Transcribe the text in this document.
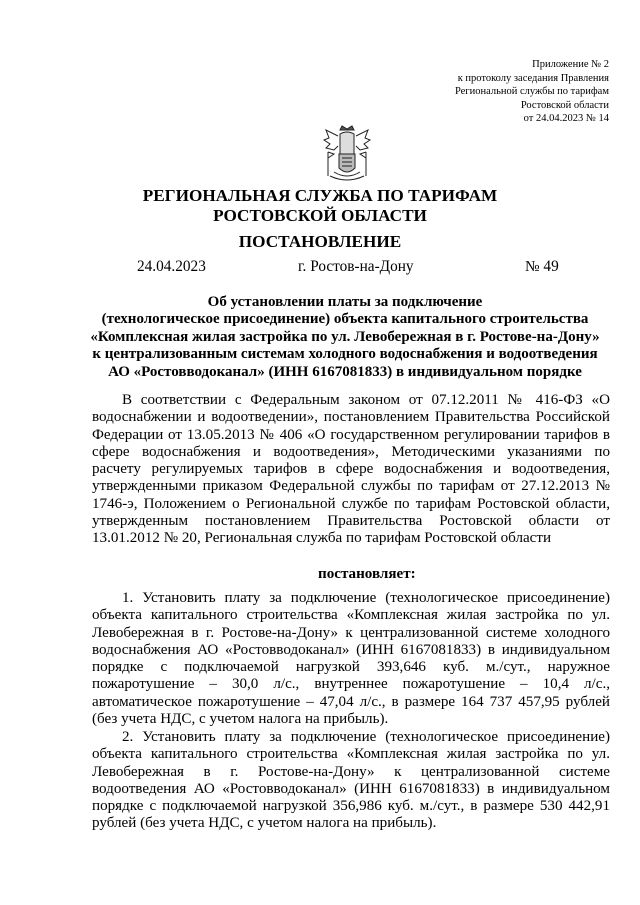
Приложение № 2
к протоколу заседания Правления
Региональной службы по тарифам
Ростовской области
от 24.04.2023 № 14
РЕГИОНАЛЬНАЯ СЛУЖБА ПО ТАРИФАМ
РОСТОВСКОЙ ОБЛАСТИ
ПОСТАНОВЛЕНИЕ
24.04.2023	г. Ростов-на-Дону	№ 49
Об установлении платы за подключение
(технологическое присоединение) объекта капитального строительства
«Комплексная жилая застройка по ул. Левобережная в г. Ростове-на-Дону»
к централизованным системам холодного водоснабжения и водоотведения
АО «Ростовводоканал» (ИНН 6167081833) в индивидуальном порядке
В соответствии с Федеральным законом от 07.12.2011 № 416-ФЗ «О водоснабжении и водоотведении», постановлением Правительства Российской Федерации от 13.05.2013 № 406 «О государственном регулировании тарифов в сфере водоснабжения и водоотведения», Методическими указаниями по расчету регулируемых тарифов в сфере водоснабжения и водоотведения, утвержденными приказом Федеральной службы по тарифам от 27.12.2013 № 1746-э, Положением о Региональной службе по тарифам Ростовской области, утвержденным постановлением Правительства Ростовской области от 13.01.2012 № 20, Региональная служба по тарифам Ростовской области
постановляет:
1. Установить плату за подключение (технологическое присоединение) объекта капитального строительства «Комплексная жилая застройка по ул. Левобережная в г. Ростове-на-Дону» к централизованной системе холодного водоснабжения АО «Ростовводоканал» (ИНН 6167081833) в индивидуальном порядке с подключаемой нагрузкой 393,646 куб. м./сут., наружное пожаротушение – 30,0 л/с., внутреннее пожаротушение – 10,4 л/с., автоматическое пожаротушение – 47,04 л/с., в размере 164 737 457,95 рублей (без учета НДС, с учетом налога на прибыль).
2. Установить плату за подключение (технологическое присоединение) объекта капитального строительства «Комплексная жилая застройка по ул. Левобережная в г. Ростове-на-Дону» к централизованной системе водоотведения АО «Ростовводоканал» (ИНН 6167081833) в индивидуальном порядке с подключаемой нагрузкой 356,986 куб. м./сут., в размере 530 442,91 рублей (без учета НДС, с учетом налога на прибыль).
